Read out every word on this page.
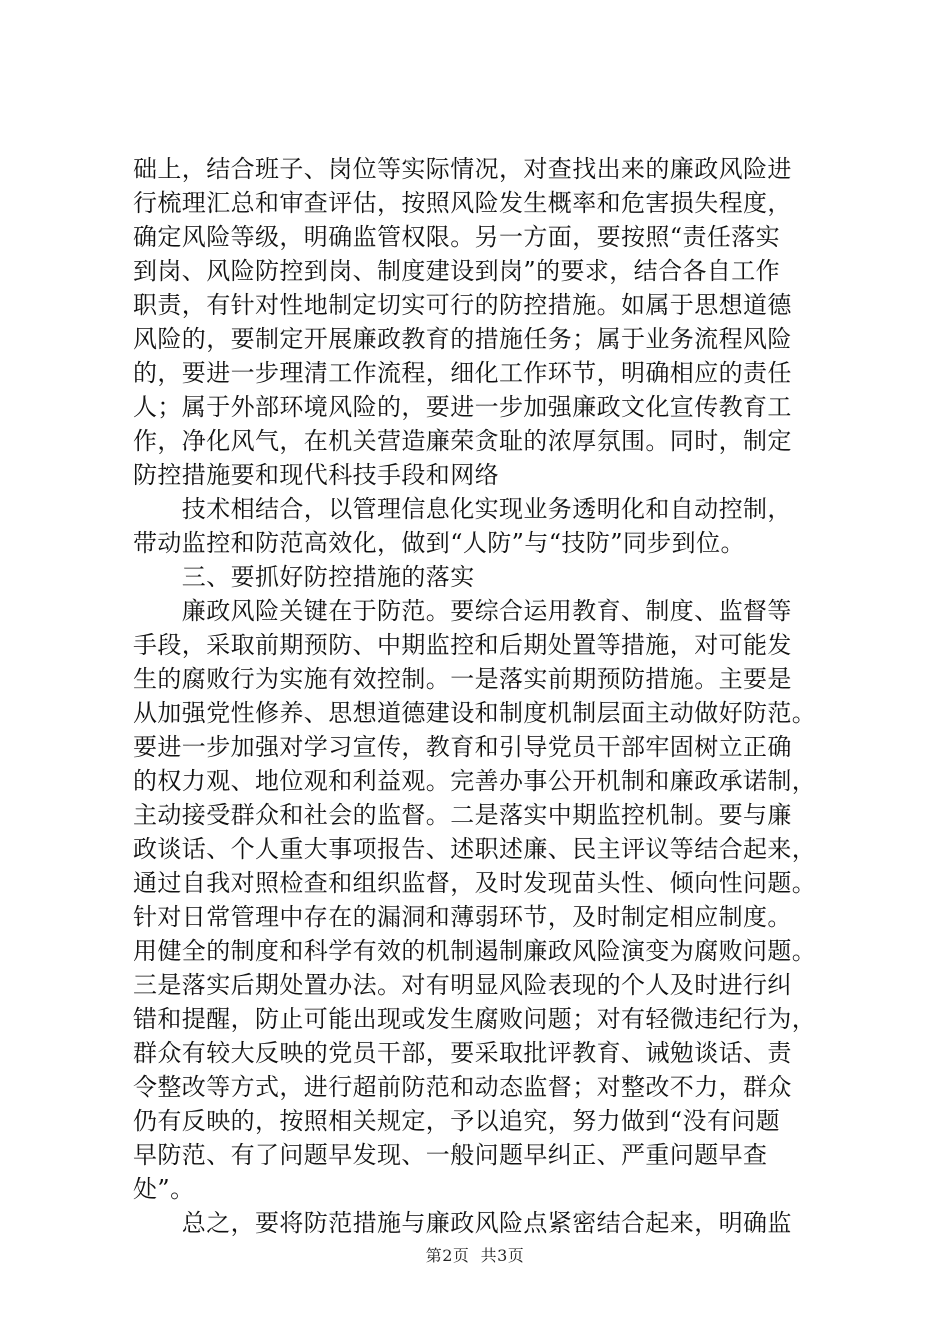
础上，结合班子、岗位等实际情况，对查找出来的廉政风险进
行梳理汇总和审查评估，按照风险发生概率和危害损失程度，
确定风险等级，明确监管权限。另一方面，要按照“责任落实
到岗、风险防控到岗、制度建设到岗”的要求，结合各自工作
职责，有针对性地制定切实可行的防控措施。如属于思想道德
风险的，要制定开展廉政教育的措施任务；属于业务流程风险
的，要进一步理清工作流程，细化工作环节，明确相应的责任
人；属于外部环境风险的，要进一步加强廉政文化宣传教育工
作，净化风气，在机关营造廉荣贪耻的浓厚氛围。同时，制定
防控措施要和现代科技手段和网络
　　技术相结合，以管理信息化实现业务透明化和自动控制，
带动监控和防范高效化，做到“人防”与“技防”同步到位。
　　三、要抓好防控措施的落实
　　廉政风险关键在于防范。要综合运用教育、制度、监督等
手段，采取前期预防、中期监控和后期处置等措施，对可能发
生的腐败行为实施有效控制。一是落实前期预防措施。主要是
从加强党性修养、思想道德建设和制度机制层面主动做好防范。
要进一步加强对学习宣传，教育和引导党员干部牢固树立正确
的权力观、地位观和利益观。完善办事公开机制和廉政承诺制，
主动接受群众和社会的监督。二是落实中期监控机制。要与廉
政谈话、个人重大事项报告、述职述廉、民主评议等结合起来，
通过自我对照检查和组织监督，及时发现苗头性、倾向性问题。
针对日常管理中存在的漏洞和薄弱环节，及时制定相应制度。
用健全的制度和科学有效的机制遏制廉政风险演变为腐败问题。
三是落实后期处置办法。对有明显风险表现的个人及时进行纠
错和提醒，防止可能出现或发生腐败问题；对有轻微违纪行为，
群众有较大反映的党员干部，要采取批评教育、诫勉谈话、责
令整改等方式，进行超前防范和动态监督；对整改不力，群众
仍有反映的，按照相关规定，予以追究，努力做到“没有问题
早防范、有了问题早发现、一般问题早纠正、严重问题早查
处”。
　　总之，要将防范措施与廉政风险点紧密结合起来，明确监
第2页  共3页
